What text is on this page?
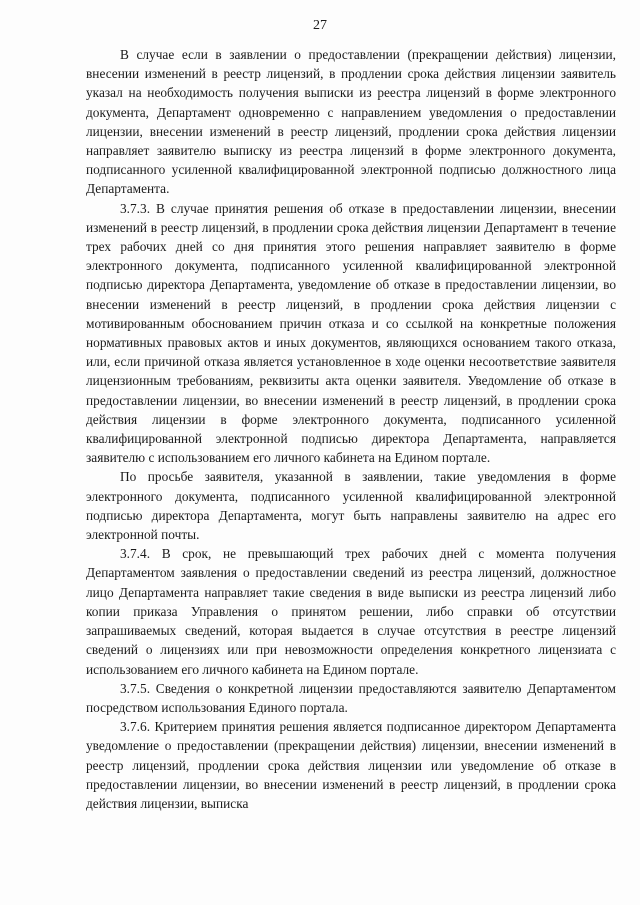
27

В случае если в заявлении о предоставлении (прекращении действия) лицензии, внесении изменений в реестр лицензий, в продлении срока действия лицензии заявитель указал на необходимость получения выписки из реестра лицензий в форме электронного документа, Департамент одновременно с направлением уведомления о предоставлении лицензии, внесении изменений в реестр лицензий, продлении срока действия лицензии направляет заявителю выписку из реестра лицензий в форме электронного документа, подписанного усиленной квалифицированной электронной подписью должностного лица Департамента.

3.7.3. В случае принятия решения об отказе в предоставлении лицензии, внесении изменений в реестр лицензий, в продлении срока действия лицензии Департамент в течение трех рабочих дней со дня принятия этого решения направляет заявителю в форме электронного документа, подписанного усиленной квалифицированной электронной подписью директора Департамента, уведомление об отказе в предоставлении лицензии, во внесении изменений в реестр лицензий, в продлении срока действия лицензии с мотивированным обоснованием причин отказа и со ссылкой на конкретные положения нормативных правовых актов и иных документов, являющихся основанием такого отказа, или, если причиной отказа является установленное в ходе оценки несоответствие заявителя лицензионным требованиям, реквизиты акта оценки заявителя. Уведомление об отказе в предоставлении лицензии, во внесении изменений в реестр лицензий, в продлении срока действия лицензии в форме электронного документа, подписанного усиленной квалифицированной электронной подписью директора Департамента, направляется заявителю с использованием его личного кабинета на Едином портале.

По просьбе заявителя, указанной в заявлении, такие уведомления в форме электронного документа, подписанного усиленной квалифицированной электронной подписью директора Департамента, могут быть направлены заявителю на адрес его электронной почты.

3.7.4. В срок, не превышающий трех рабочих дней с момента получения Департаментом заявления о предоставлении сведений из реестра лицензий, должностное лицо Департамента направляет такие сведения в виде выписки из реестра лицензий либо копии приказа Управления о принятом решении, либо справки об отсутствии запрашиваемых сведений, которая выдается в случае отсутствия в реестре лицензий сведений о лицензиях или при невозможности определения конкретного лицензиата с использованием его личного кабинета на Едином портале.

3.7.5. Сведения о конкретной лицензии предоставляются заявителю Департаментом посредством использования Единого портала.

3.7.6. Критерием принятия решения является подписанное директором Департамента уведомление о предоставлении (прекращении действия) лицензии, внесении изменений в реестр лицензий, продлении срока действия лицензии или уведомление об отказе в предоставлении лицензии, во внесении изменений в реестр лицензий, в продлении срока действия лицензии, выписка
